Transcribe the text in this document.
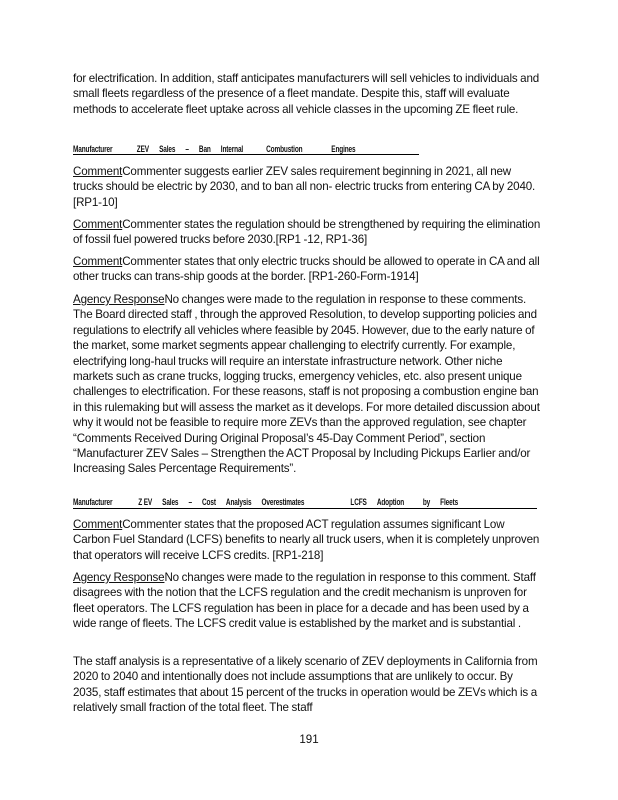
for electrification. In addition, staff anticipates manufacturers will sell vehicles to individuals and small fleets regardless of the presence of a fleet mandate. Despite this, staff will evaluate methods to accelerate fleet uptake across all vehicle classes in the upcoming ZE fleet rule.

Manufacturer	ZEV Sales – Ban Internal	Combustion	Engines

CommentCommenter suggests earlier ZEV sales requirement beginning in 2021, all new trucks should be electric by 2030, and to ban all non- electric trucks from entering CA by 2040. [RP1-10]

CommentCommenter states the regulation should be strengthened by requiring the elimination of fossil fuel powered trucks before 2030.[RP1 -12, RP1-36]

CommentCommenter states that only electric trucks should be allowed to operate in CA and all other trucks can trans-ship goods at the border. [RP1-260-Form-1914]

Agency ResponseNo changes were made to the regulation in response to these comments. The Board directed staff , through the approved Resolution, to develop supporting policies and regulations to electrify all vehicles where feasible by 2045. However, due to the early nature of the market, some market segments appear challenging to electrify currently. For example, electrifying long-haul trucks will require an interstate infrastructure network. Other niche markets such as crane trucks, logging trucks, emergency vehicles, etc. also present unique challenges to electrification. For these reasons, staff is not proposing a combustion engine ban in this rulemaking but will assess the market as it develops. For more detailed discussion about why it would not be feasible to require more ZEVs than the approved regulation, see chapter “Comments Received During Original Proposal’s 45-Day Comment Period”, section “Manufacturer ZEV Sales – Strengthen the ACT Proposal by Including Pickups Earlier and/or Increasing Sales Percentage Requirements”.

Manufacturer	Z EV Sales – Cost Analysis Overestimates	LCFS Adoption by Fleets

CommentCommenter states that the proposed ACT regulation assumes significant Low Carbon Fuel Standard (LCFS) benefits to nearly all truck users, when it is completely unproven that operators will receive LCFS credits. [RP1-218]

Agency ResponseNo changes were made to the regulation in response to this comment. Staff disagrees with the notion that the LCFS regulation and the credit mechanism is unproven for fleet operators. The LCFS regulation has been in place for a decade and has been used by a wide range of fleets. The LCFS credit value is established by the market and is substantial .

The staff analysis is a representative of a likely scenario of ZEV deployments in California from 2020 to 2040 and intentionally does not include assumptions that are unlikely to occur. By 2035, staff estimates that about 15 percent of the trucks in operation would be ZEVs which is a relatively small fraction of the total fleet. The staff

191
